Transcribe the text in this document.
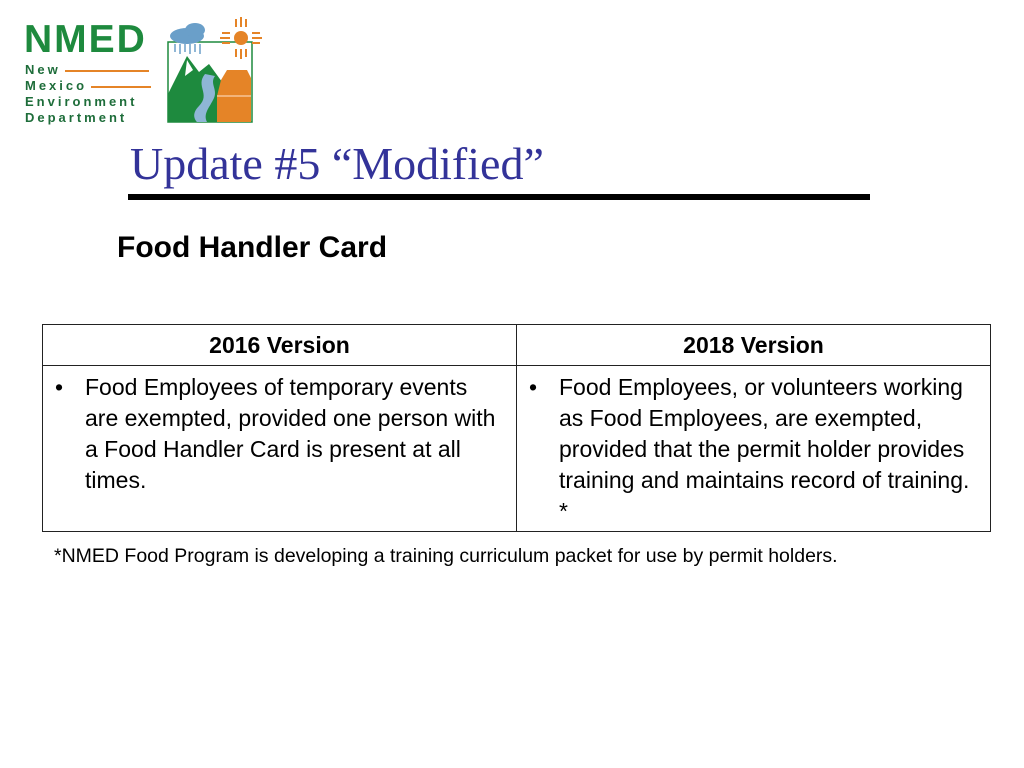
NMED
New
Mexico
Environment
Department
Update #5 “Modified”
Food Handler Card
2016 Version	2018 Version

• Food Employees of temporary events are exempted, provided one person with a Food Handler Card is present at all times.	• Food Employees, or volunteers working as Food Employees, are exempted, provided that the permit holder provides training and maintains record of training. *
*NMED Food Program is developing a training curriculum packet for use by permit holders.
